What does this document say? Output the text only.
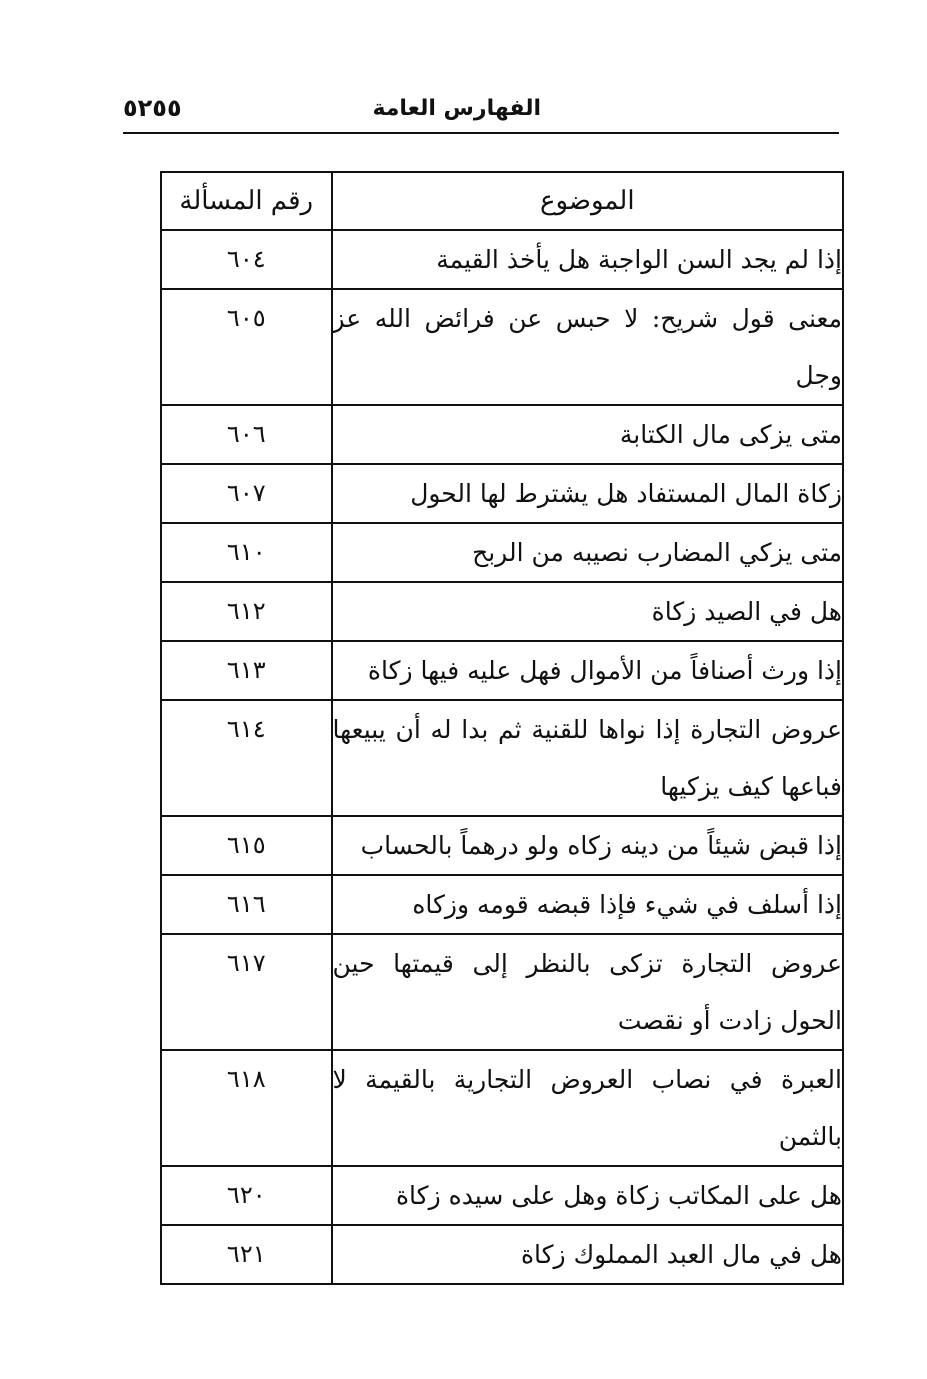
الفهارس العامة
٥٢٥٥
الموضوع	رقم المسألة
إذا لم يجد السن الواجبة هل يأخذ القيمة	٦٠٤
معنى قول شريح: لا حبس عن فرائض الله عز وجل	٦٠٥
متى يزكى مال الكتابة	٦٠٦
زكاة المال المستفاد هل يشترط لها الحول	٦٠٧
متى يزكي المضارب نصيبه من الربح	٦١٠
هل في الصيد زكاة	٦١٢
إذا ورث أصنافاً من الأموال فهل عليه فيها زكاة	٦١٣
عروض التجارة إذا نواها للقنية ثم بدا له أن يبيعها فباعها كيف يزكيها	٦١٤
إذا قبض شيئاً من دينه زكاه ولو درهماً بالحساب	٦١٥
إذا أسلف في شيء فإذا قبضه قومه وزكاه	٦١٦
عروض التجارة تزكى بالنظر إلى قيمتها حين الحول زادت أو نقصت	٦١٧
العبرة في نصاب العروض التجارية بالقيمة لا بالثمن	٦١٨
هل على المكاتب زكاة وهل على سيده زكاة	٦٢٠
هل في مال العبد المملوك زكاة	٦٢١
